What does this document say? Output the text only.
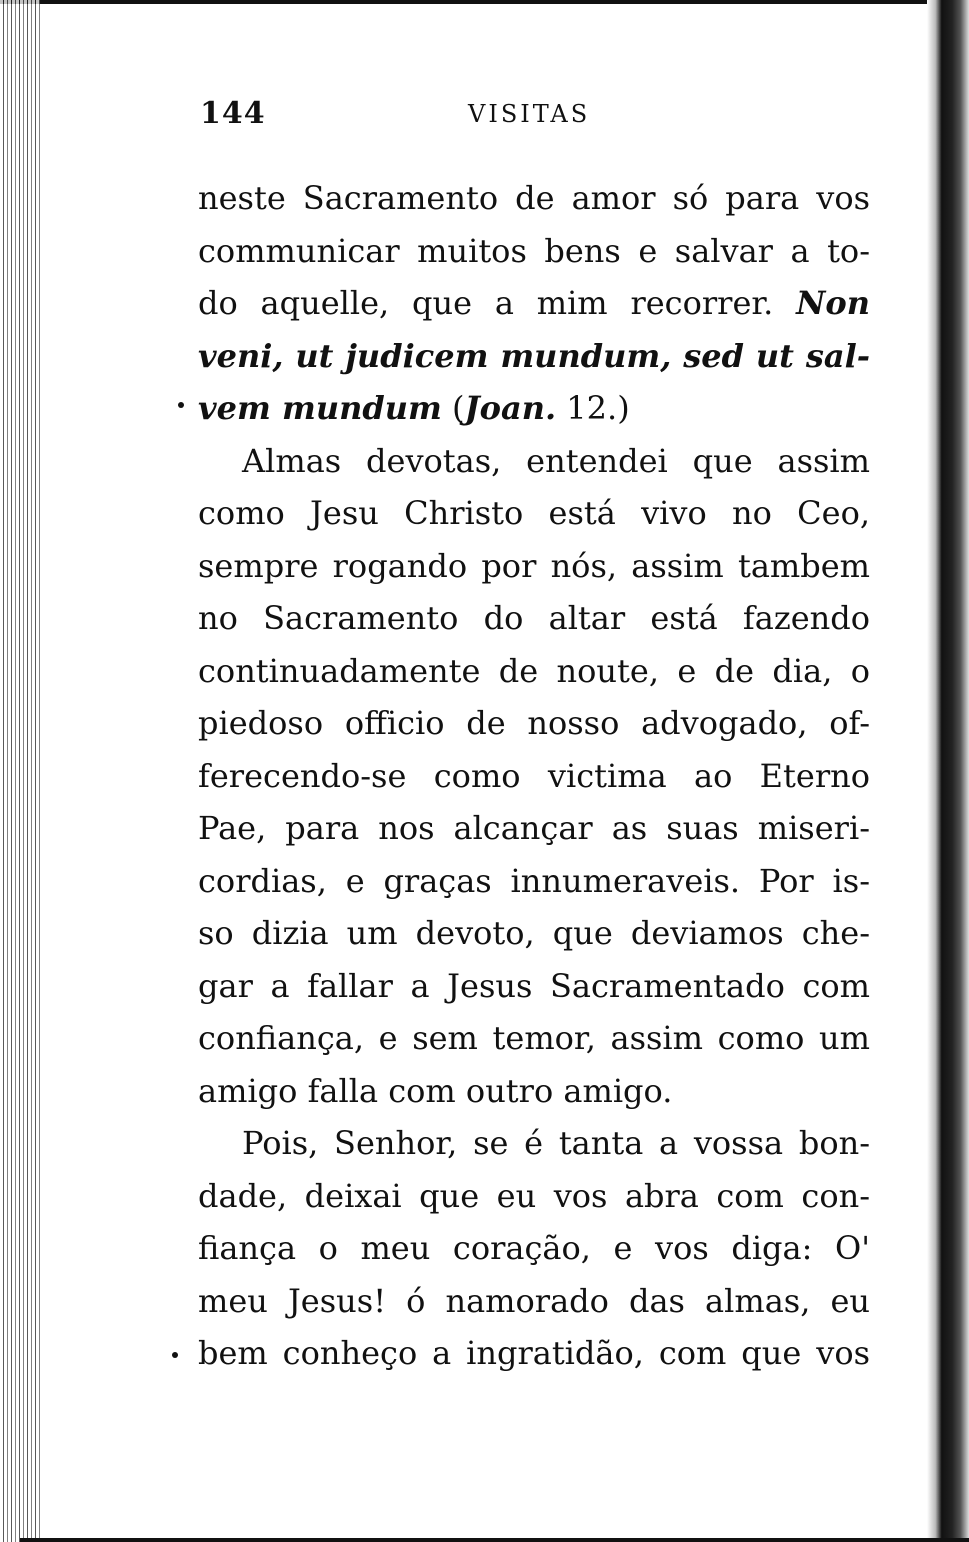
144	VISITAS
neste Sacramento de amor só para vos
communicar muitos bens e salvar a to-
do aquelle, que a mim recorrer. Non
veni, ut judicem mundum, sed ut sal-
vem mundum (Joan. 12.)
Almas devotas, entendei que assim
como Jesu Christo está vivo no Ceo,
sempre rogando por nós, assim tambem
no Sacramento do altar está fazendo
continuadamente de noute, e de dia, o
piedoso officio de nosso advogado, of-
ferecendo-se como victima ao Eterno
Pae, para nos alcançar as suas miseri-
cordias, e graças innumeraveis. Por is-
so dizia um devoto, que deviamos che-
gar a fallar a Jesus Sacramentado com
confiança, e sem temor, assim como um
amigo falla com outro amigo.
Pois, Senhor, se é tanta a vossa bon-
dade, deixai que eu vos abra com con-
fiança o meu coração, e vos diga: O'
meu Jesus! ó namorado das almas, eu
bem conheço a ingratidão, com que vos
